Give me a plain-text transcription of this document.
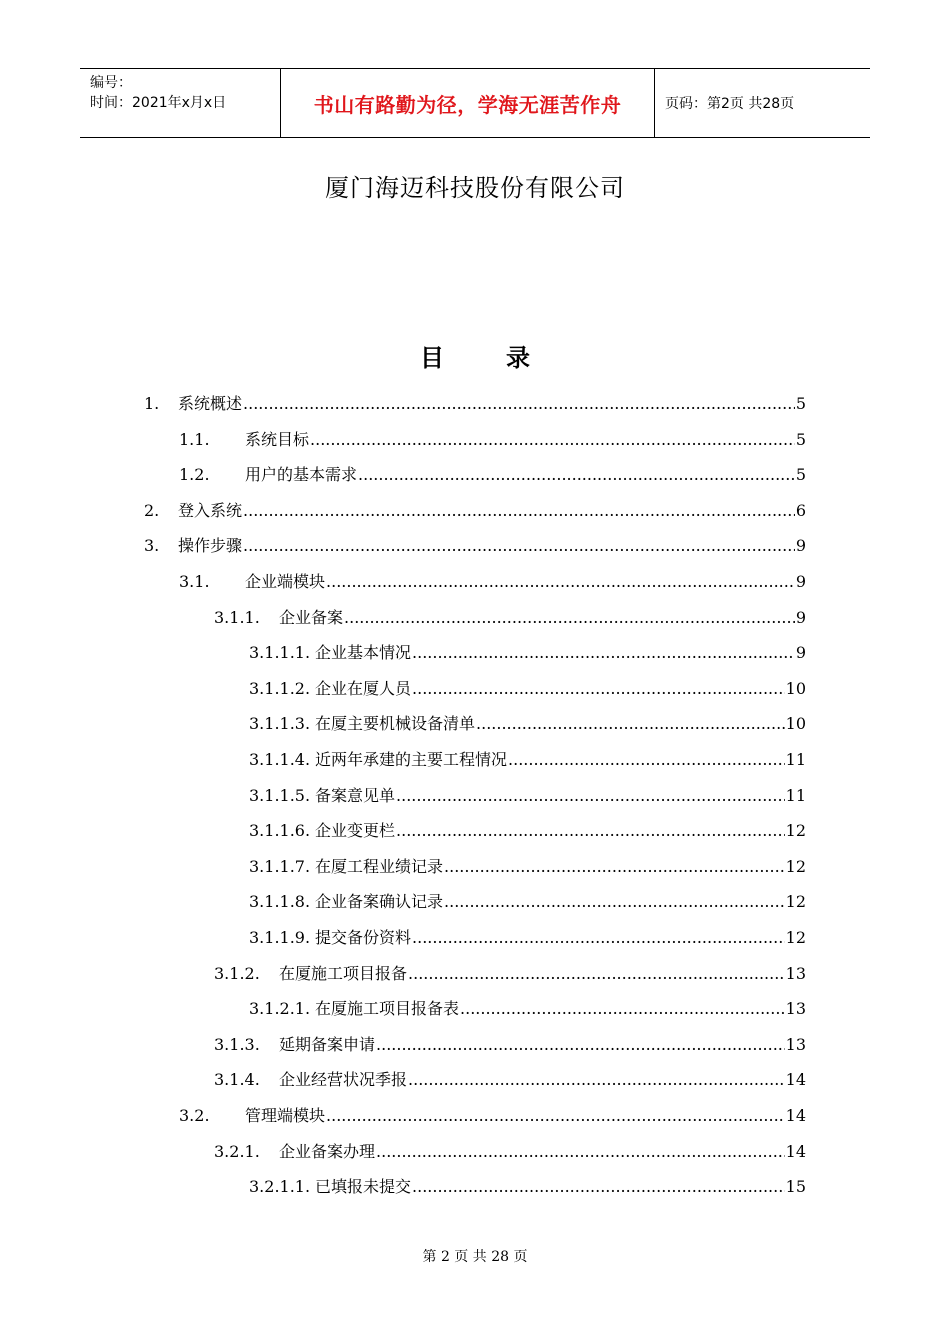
编号：
时间：2021年x月x日	书山有路勤为径，学海无涯苦作舟	页码：第2页 共28页
厦门海迈科技股份有限公司
目	录
1.	系统概述 .....	5
1.1.	系统目标 .....	5
1.2.	用户的基本需求 .....	5
2.	登入系统 .....	6
3.	操作步骤 .....	9
3.1.	企业端模块 .....	9
3.1.1.	企业备案 .....	9
3.1.1.1. 企业基本情况 .....	9
3.1.1.2. 企业在厦人员 .....	10
3.1.1.3. 在厦主要机械设备清单 .....	10
3.1.1.4. 近两年承建的主要工程情况 .....	11
3.1.1.5. 备案意见单 .....	11
3.1.1.6. 企业变更栏 .....	12
3.1.1.7. 在厦工程业绩记录 .....	12
3.1.1.8. 企业备案确认记录 .....	12
3.1.1.9. 提交备份资料 .....	12
3.1.2.	在厦施工项目报备 .....	13
3.1.2.1. 在厦施工项目报备表 .....	13
3.1.3.	延期备案申请 .....	13
3.1.4.	企业经营状况季报 .....	14
3.2.	管理端模块 .....	14
3.2.1.	企业备案办理 .....	14
3.2.1.1. 已填报未提交 .....	15
第 2 页 共 28 页
